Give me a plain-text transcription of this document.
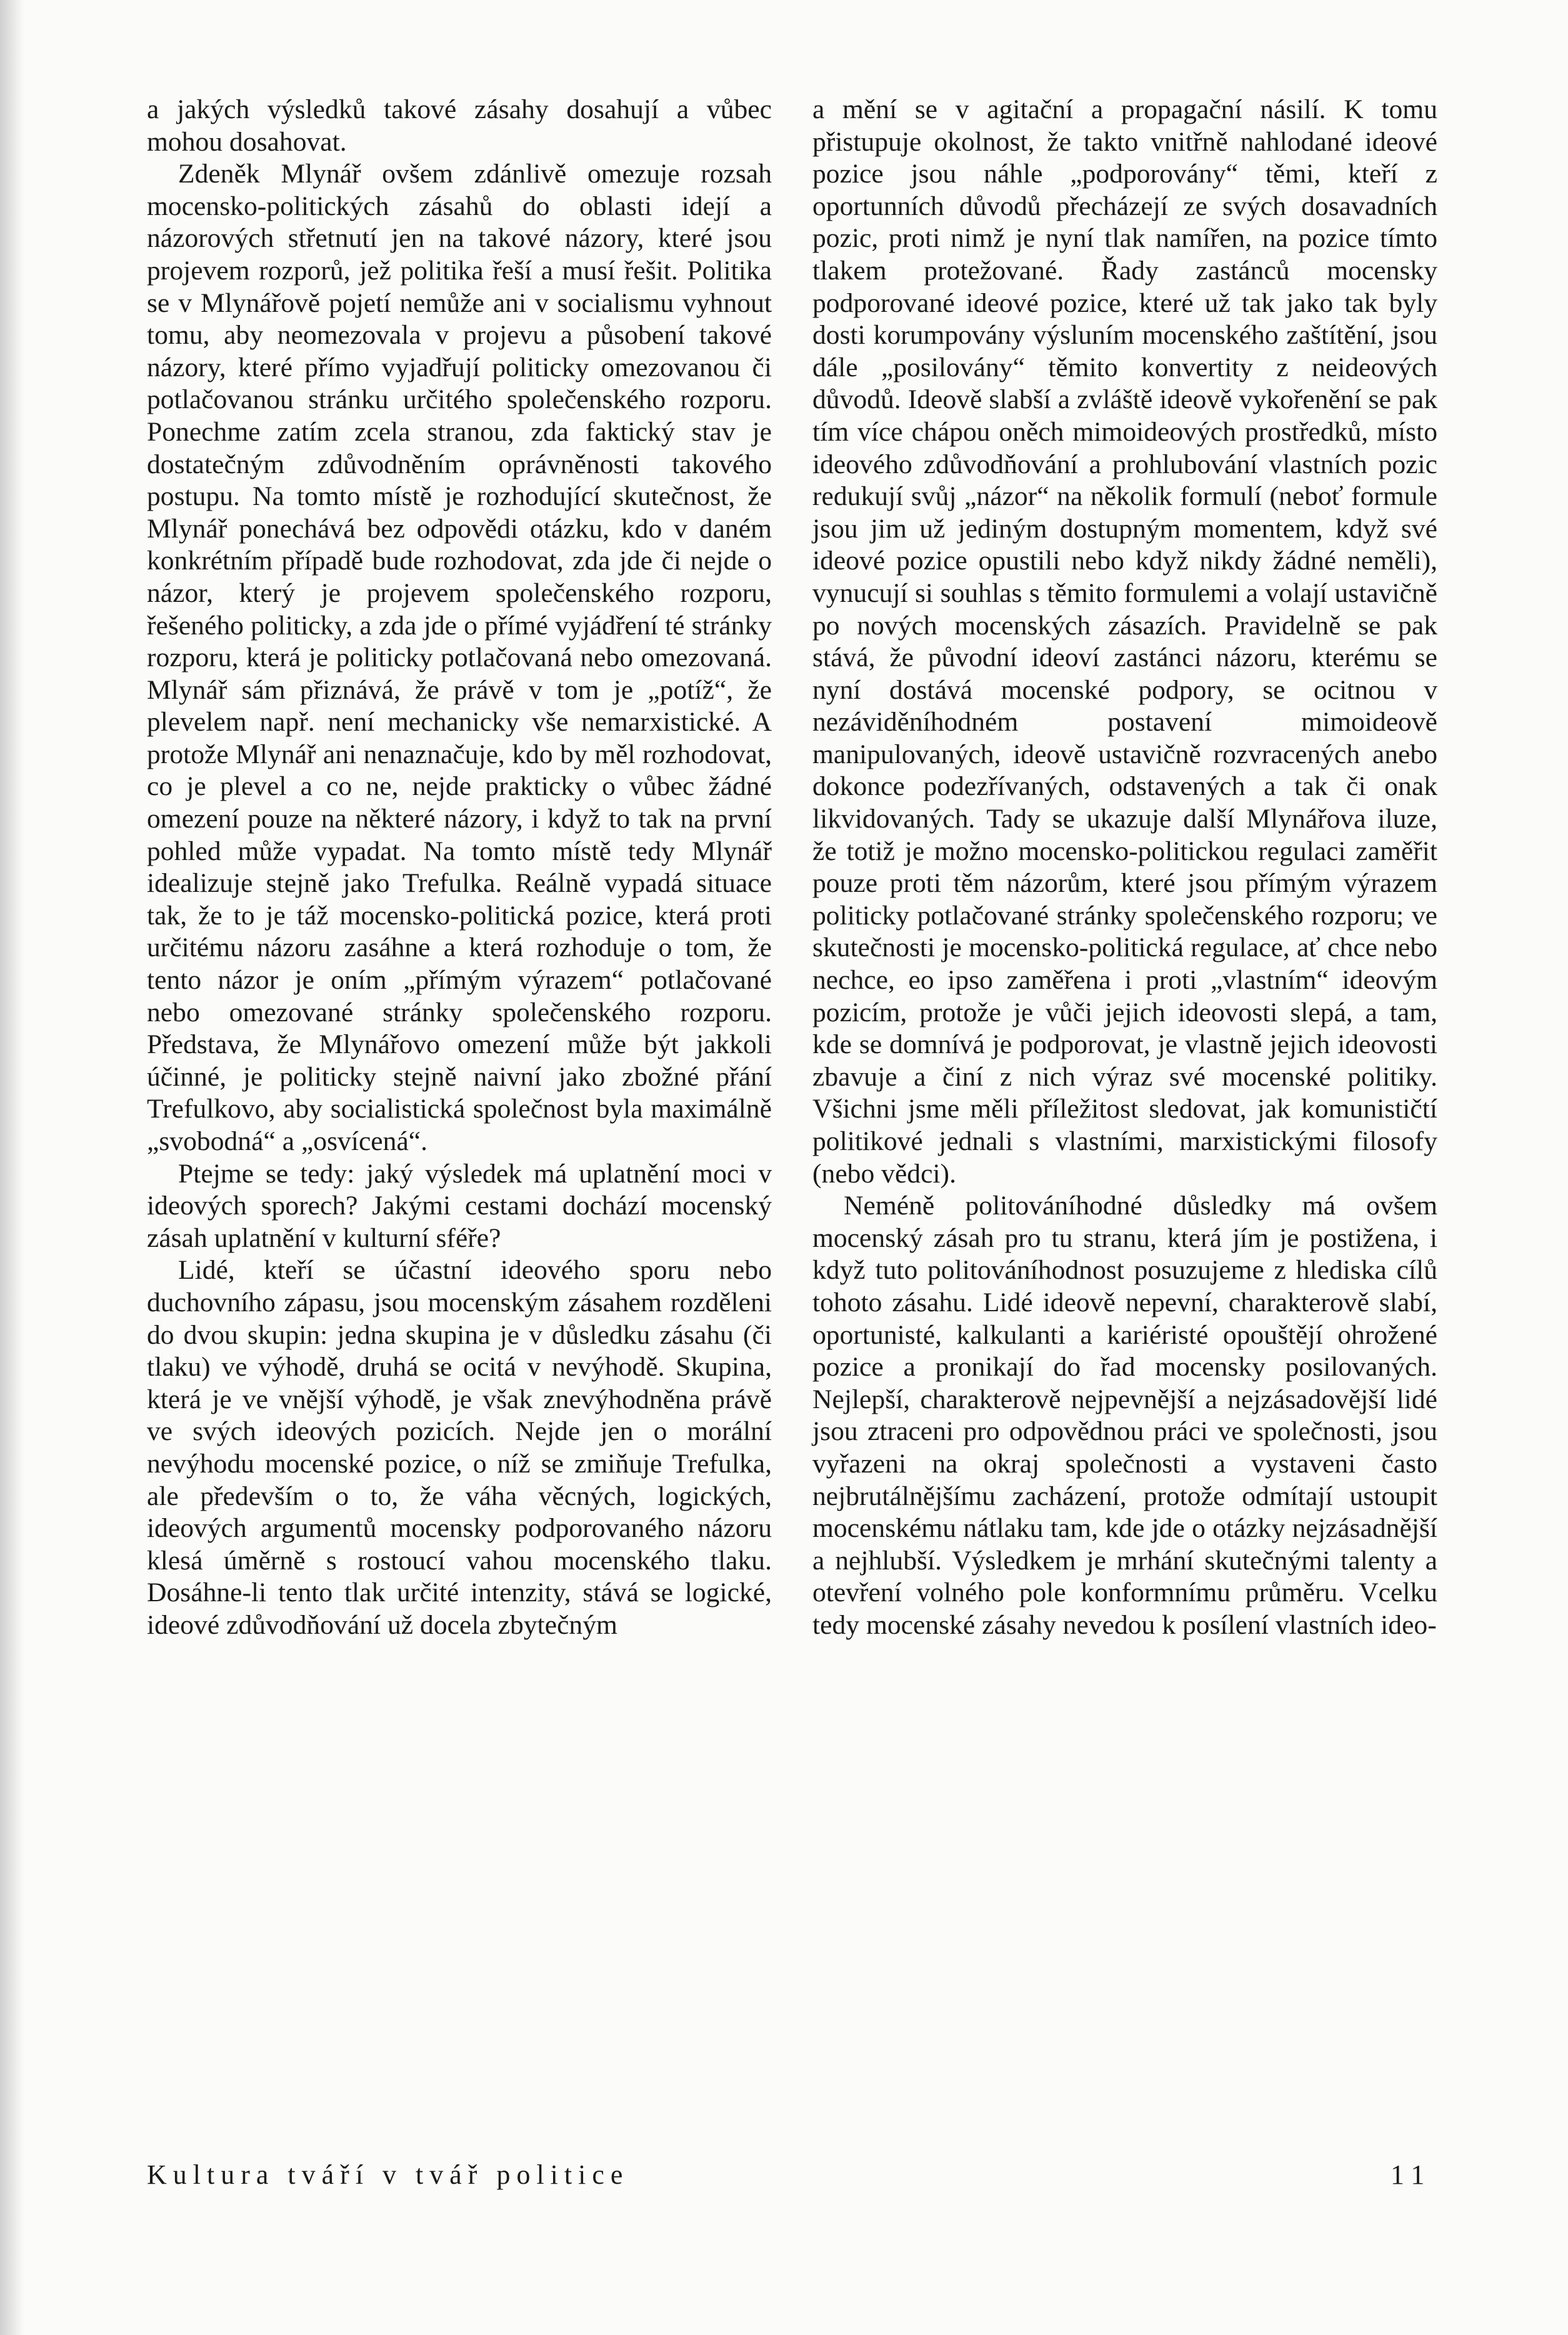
a jakých výsledků takové zásahy dosahují a vůbec mohou dosahovat.

Zdeněk Mlynář ovšem zdánlivě omezuje rozsah mocensko-politických zásahů do oblasti idejí a názorových střetnutí jen na takové názory, které jsou projevem rozporů, jež politika řeší a musí řešit. Politika se v Mlynářově pojetí nemůže ani v socialismu vyhnout tomu, aby neomezovala v projevu a působení takové názory, které přímo vyjadřují politicky omezovanou či potlačovanou stránku určitého společenského rozporu. Ponechme zatím zcela stranou, zda faktický stav je dostatečným zdůvodněním oprávněnosti takového postupu. Na tomto místě je rozhodující skutečnost, že Mlynář ponechává bez odpovědi otázku, kdo v daném konkrétním případě bude rozhodovat, zda jde či nejde o názor, který je projevem společenského rozporu, řešeného politicky, a zda jde o přímé vyjádření té stránky rozporu, která je politicky potlačovaná nebo omezovaná. Mlynář sám přiznává, že právě v tom je „potíž“, že plevelem např. není mechanicky vše nemarxistické. A protože Mlynář ani nenaznačuje, kdo by měl rozhodovat, co je plevel a co ne, nejde prakticky o vůbec žádné omezení pouze na některé názory, i když to tak na první pohled může vypadat. Na tomto místě tedy Mlynář idealizuje stejně jako Trefulka. Reálně vypadá situace tak, že to je táž mocensko-politická pozice, která proti určitému názoru zasáhne a která rozhoduje o tom, že tento názor je oním „přímým výrazem“ potlačované nebo omezované stránky společenského rozporu. Představa, že Mlynářovo omezení může být jakkoli účinné, je politicky stejně naivní jako zbožné přání Trefulkovo, aby socialistická společnost byla maximálně „svobodná“ a „osvícená“.

Ptejme se tedy: jaký výsledek má uplatnění moci v ideových sporech? Jakými cestami dochází mocenský zásah uplatnění v kulturní sféře?

Lidé, kteří se účastní ideového sporu nebo duchovního zápasu, jsou mocenským zásahem rozděleni do dvou skupin: jedna skupina je v důsledku zásahu (či tlaku) ve výhodě, druhá se ocitá v nevýhodě. Skupina, která je ve vnější výhodě, je však znevýhodněna právě ve svých ideových pozicích. Nejde jen o morální nevýhodu mocenské pozice, o níž se zmiňuje Trefulka, ale především o to, že váha věcných, logických, ideových argumentů mocensky podporovaného názoru klesá úměrně s rostoucí vahou mocenského tlaku. Dosáhne-li tento tlak určité intenzity, stává se logické, ideové zdůvodňování už docela zbytečným

a mění se v agitační a propagační násilí. K tomu přistupuje okolnost, že takto vnitřně nahlodané ideové pozice jsou náhle „podporovány“ těmi, kteří z oportunních důvodů přecházejí ze svých dosavadních pozic, proti nimž je nyní tlak namířen, na pozice tímto tlakem protežované. Řady zastánců mocensky podporované ideové pozice, které už tak jako tak byly dosti korumpovány výsluním mocenského zaštítění, jsou dále „posilovány“ těmito konvertity z neideových důvodů. Ideově slabší a zvláště ideově vykořenění se pak tím více chápou oněch mimoideových prostředků, místo ideového zdůvodňování a prohlubování vlastních pozic redukují svůj „názor“ na několik formulí (neboť formule jsou jim už jediným dostupným momentem, když své ideové pozice opustili nebo když nikdy žádné neměli), vynucují si souhlas s těmito formulemi a volají ustavičně po nových mocenských zásazích. Pravidelně se pak stává, že původní ideoví zastánci názoru, kterému se nyní dostává mocenské podpory, se ocitnou v nezáviděníhodném postavení mimoideově manipulovaných, ideově ustavičně rozvracených anebo dokonce podezřívaných, odstavených a tak či onak likvidovaných. Tady se ukazuje další Mlynářova iluze, že totiž je možno mocensko-politickou regulaci zaměřit pouze proti těm názorům, které jsou přímým výrazem politicky potlačované stránky společenského rozporu; ve skutečnosti je mocensko-politická regulace, ať chce nebo nechce, eo ipso zaměřena i proti „vlastním“ ideovým pozicím, protože je vůči jejich ideovosti slepá, a tam, kde se domnívá je podporovat, je vlastně jejich ideovosti zbavuje a činí z nich výraz své mocenské politiky. Všichni jsme měli příležitost sledovat, jak komunističtí politikové jednali s vlastními, marxistickými filosofy (nebo vědci).

Neméně politováníhodné důsledky má ovšem mocenský zásah pro tu stranu, která jím je postižena, i když tuto politováníhodnost posuzujeme z hlediska cílů tohoto zásahu. Lidé ideově nepevní, charakterově slabí, oportunisté, kalkulanti a kariéristé opouštějí ohrožené pozice a pronikají do řad mocensky posilovaných. Nejlepší, charakterově nejpevnější a nejzásadovější lidé jsou ztraceni pro odpovědnou práci ve společnosti, jsou vyřazeni na okraj společnosti a vystaveni často nejbrutálnějšímu zacházení, protože odmítají ustoupit mocenskému nátlaku tam, kde jde o otázky nejzásadnější a nejhlubší. Výsledkem je mrhání skutečnými talenty a otevření volného pole konformnímu průměru. Vcelku tedy mocenské zásahy nevedou k posílení vlastních ideo-

Kultura tváří v tvář politice	11
